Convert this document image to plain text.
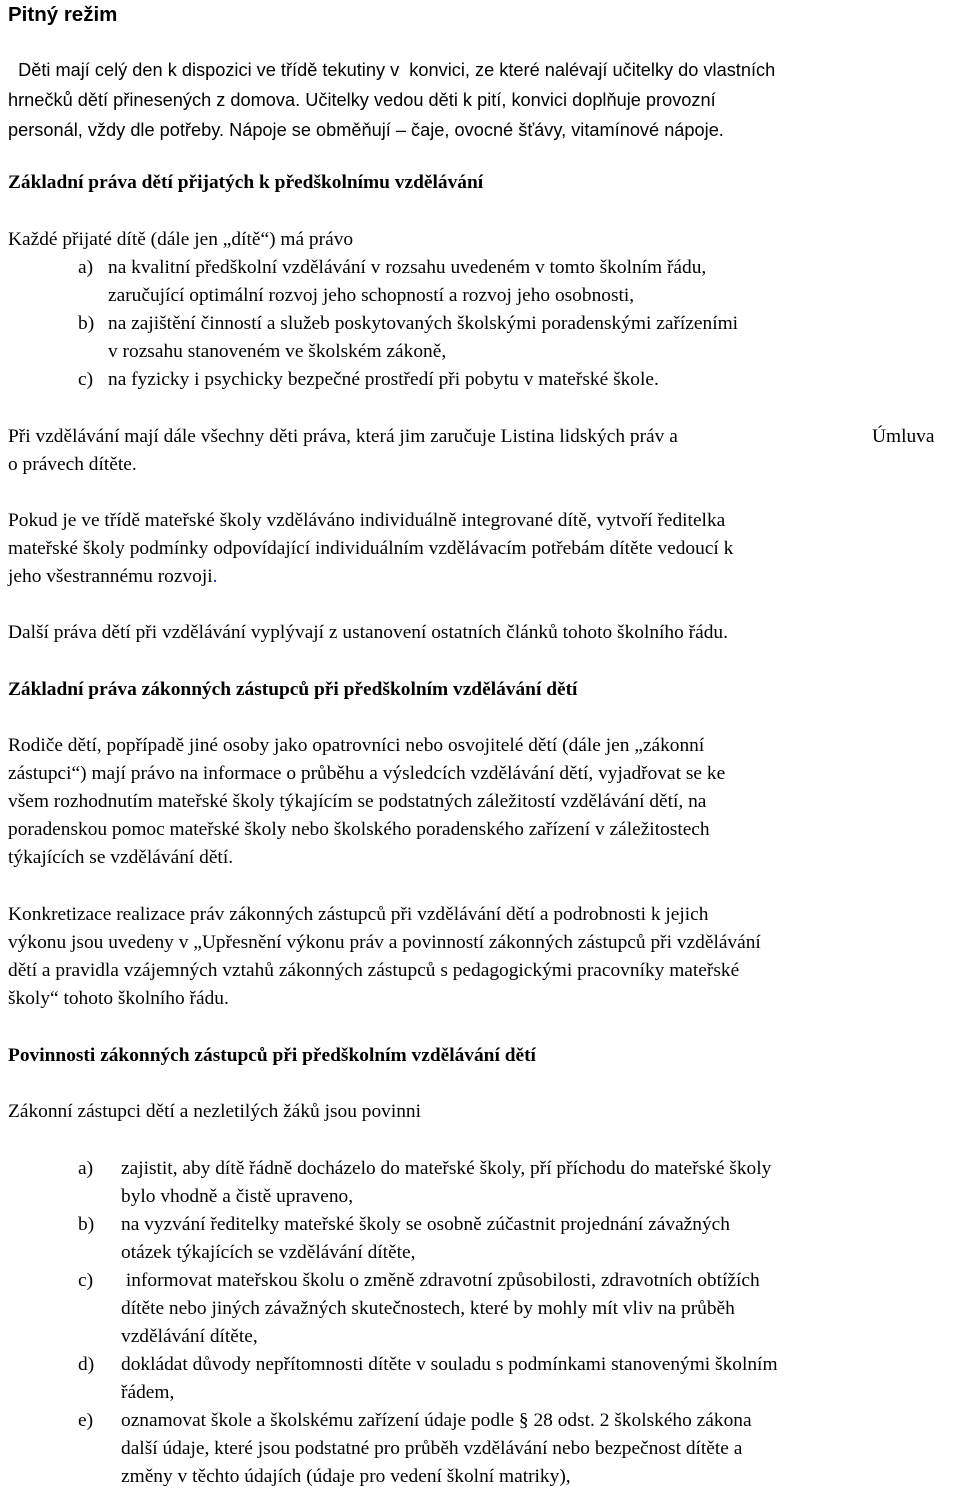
Pitný režim
Děti mají celý den k dispozici ve třídě tekutiny v  konvici, ze které nalévají učitelky do vlastních
hrnečků dětí přinesených z domova. Učitelky vedou děti k pití, konvici doplňuje provozní
personál, vždy dle potřeby. Nápoje se obměňují – čaje, ovocné šťávy, vitamínové nápoje.
Základní práva dětí přijatých k předškolnímu vzdělávání
Každé přijaté dítě (dále jen „dítě“) má právo
a) na kvalitní předškolní vzdělávání v rozsahu uvedeném v tomto školním řádu,
zaručující optimální rozvoj jeho schopností a rozvoj jeho osobnosti,
b) na zajištění činností a služeb poskytovaných školskými poradenskými zařízeními
v rozsahu stanoveném ve školském zákoně,
c) na fyzicky i psychicky bezpečné prostředí při pobytu v mateřské škole.
Při vzdělávání mají dále všechny děti práva, která jim zaručuje Listina lidských práv a	Úmluva
o právech dítěte.
Pokud je ve třídě mateřské školy vzděláváno individuálně integrované dítě, vytvoří ředitelka
mateřské školy podmínky odpovídající individuálním vzdělávacím potřebám dítěte vedoucí k
jeho všestrannému rozvoji.
Další práva dětí při vzdělávání vyplývají z ustanovení ostatních článků tohoto školního řádu.
Základní práva zákonných zástupců při předškolním vzdělávání dětí
Rodiče dětí, popřípadě jiné osoby jako opatrovníci nebo osvojitelé dětí (dále jen „zákonní
zástupci“) mají právo na informace o průběhu a výsledcích vzdělávání dětí, vyjadřovat se ke
všem rozhodnutím mateřské školy týkajícím se podstatných záležitostí vzdělávání dětí, na
poradenskou pomoc mateřské školy nebo školského poradenského zařízení v záležitostech
týkajících se vzdělávání dětí.
Konkretizace realizace práv zákonných zástupců při vzdělávání dětí a podrobnosti k jejich
výkonu jsou uvedeny v „Upřesnění výkonu práv a povinností zákonných zástupců při vzdělávání
dětí a pravidla vzájemných vztahů zákonných zástupců s pedagogickými pracovníky mateřské
školy“ tohoto školního řádu.
Povinnosti zákonných zástupců při předškolním vzdělávání dětí
Zákonní zástupci dětí a nezletilých žáků jsou povinni
a) zajistit, aby dítě řádně docházelo do mateřské školy, pří příchodu do mateřské školy
bylo vhodně a čistě upraveno,
b) na vyzvání ředitelky mateřské školy se osobně zúčastnit projednání závažných
otázek týkajících se vzdělávání dítěte,
c) informovat mateřskou školu o změně zdravotní způsobilosti, zdravotních obtížích
dítěte nebo jiných závažných skutečnostech, které by mohly mít vliv na průběh
vzdělávání dítěte,
d) dokládat důvody nepřítomnosti dítěte v souladu s podmínkami stanovenými školním
řádem,
e) oznamovat škole a školskému zařízení údaje podle § 28 odst. 2 školského zákona
další údaje, které jsou podstatné pro průběh vzdělávání nebo bezpečnost dítěte a
změny v těchto údajích (údaje pro vedení školní matriky),
